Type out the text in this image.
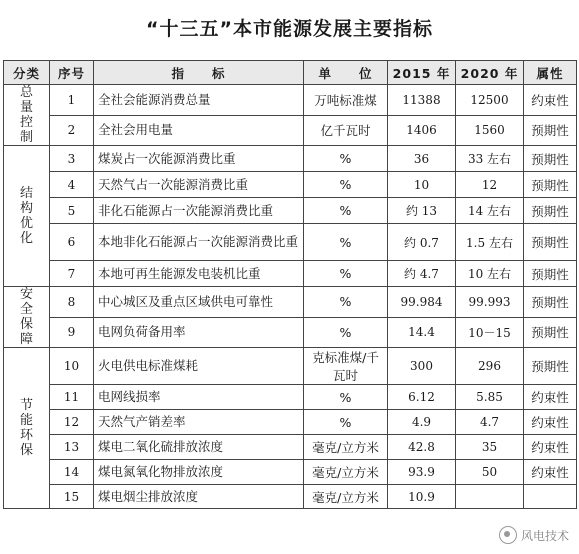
“十三五”本市能源发展主要指标
分类	序号	指　　标	单　　位	2015 年	2020 年	属性
总
量
控
制	1	全社会能源消费总量	万吨标准煤	11388	12500	约束性
	2	全社会用电量	亿千瓦时	1406	1560	预期性
结
构
优
化	3	煤炭占一次能源消费比重	%	36	33 左右	预期性
	4	天然气占一次能源消费比重	%	10	12	预期性
	5	非化石能源占一次能源消费比重	%	约 13	14 左右	预期性
	6	本地非化石能源占一次能源消费比重	%	约 0.7	1.5 左右	预期性
	7	本地可再生能源发电装机比重	%	约 4.7	10 左右	预期性
安
全
保
障	8	中心城区及重点区域供电可靠性	%	99.984	99.993	预期性
	9	电网负荷备用率	%	14.4	10－15	预期性
节
能
环
保	10	火电供电标准煤耗	克标准煤/千瓦时	300	296	预期性
	11	电网线损率	%	6.12	5.85	约束性
	12	天然气产销差率	%	4.9	4.7	约束性
	13	煤电二氧化硫排放浓度	毫克/立方米	42.8	35	约束性
	14	煤电氮氧化物排放浓度	毫克/立方米	93.9	50	约束性
	15	煤电烟尘排放浓度	毫克/立方米	10.9		
风电技术
